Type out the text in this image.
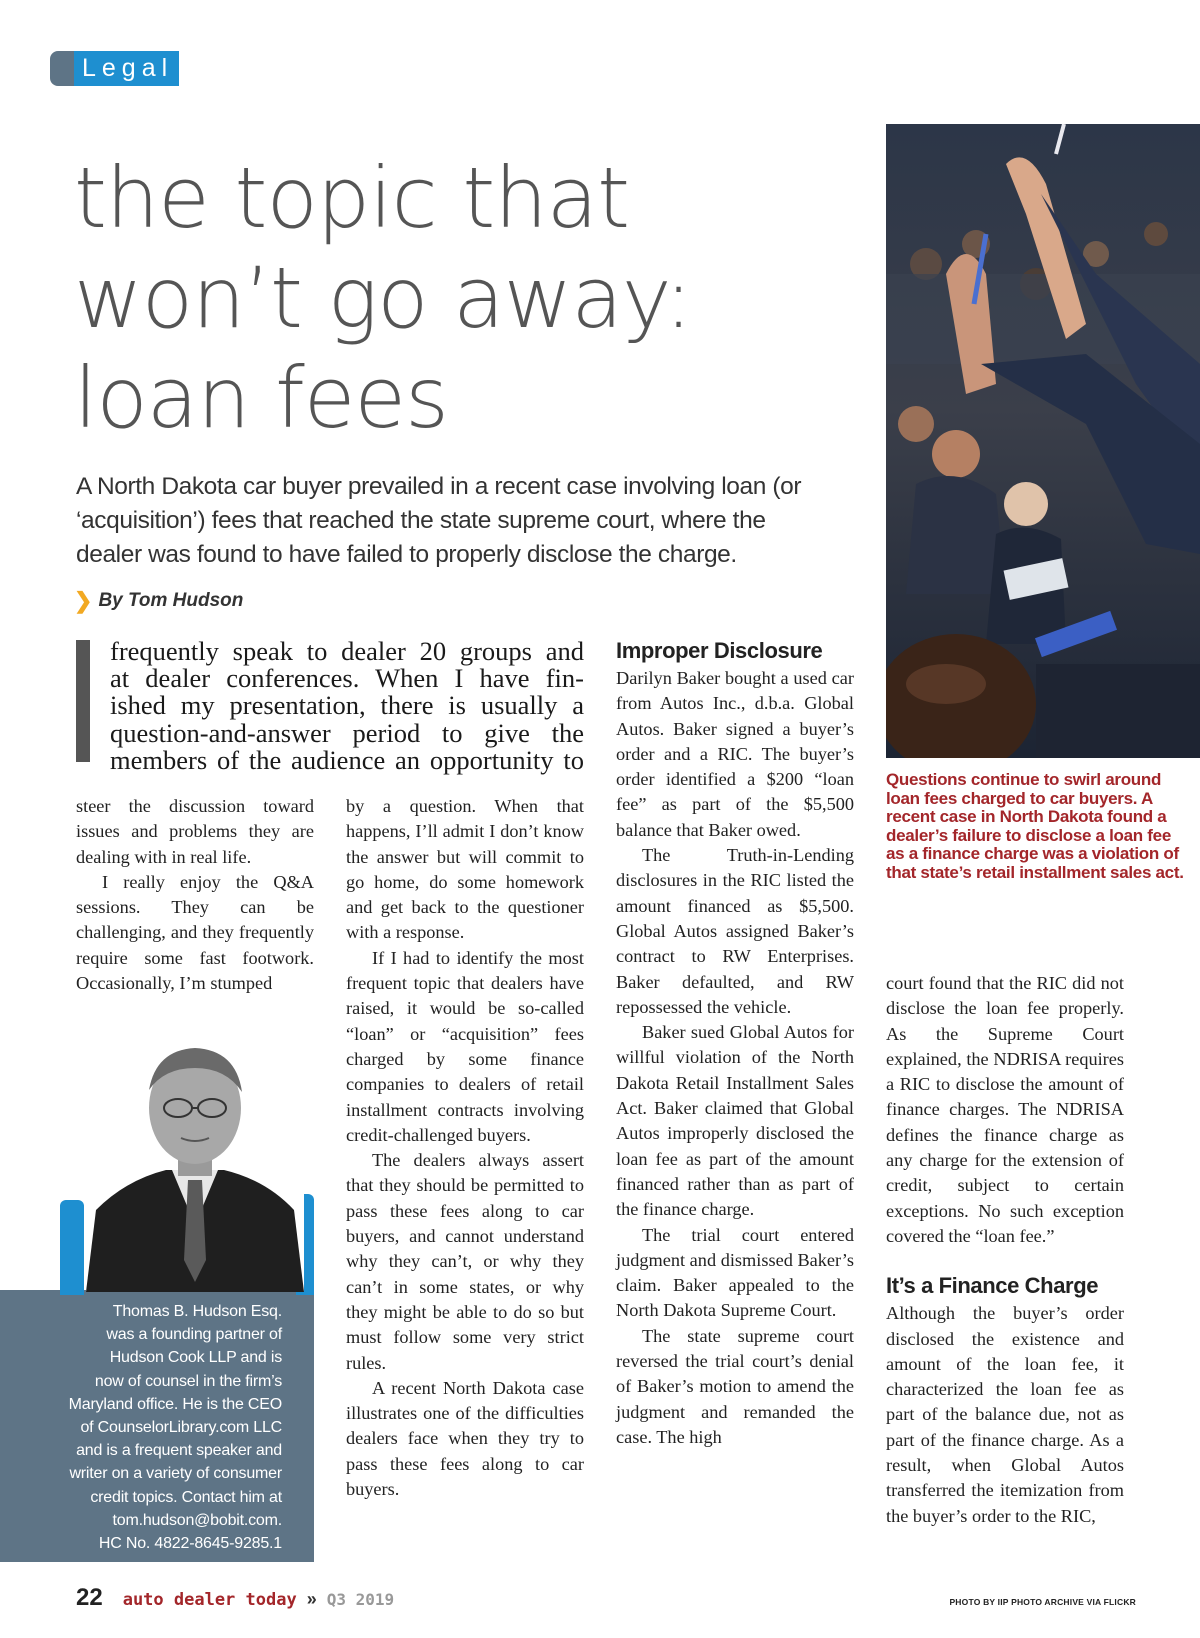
Legal
the topic that
won’t go away:
loan fees
A North Dakota car buyer prevailed in a recent case involving loan (or ‘acquisition’) fees that reached the state supreme court, where the dealer was found to have failed to properly disclose the charge.
❯ By Tom Hudson
Questions continue to swirl around loan fees charged to car buyers. A recent case in North Dakota found a dealer’s failure to disclose a loan fee as a finance charge was a violation of that state’s retail installment sales act.
frequently speak to dealer 20 groups and
at dealer conferences. When I have fin-
ished my presentation, there is usually a
question-and-answer period to give the
members of the audience an opportunity to

steer the discussion toward issues and problems they are dealing with in real life.

I really enjoy the Q&A sessions. They can be challenging, and they frequently require some fast footwork. Occasionally, I’m stumped

by a question. When that happens, I’ll admit I don’t know the answer but will commit to go home, do some homework and get back to the questioner with a response.

If I had to identify the most frequent topic that dealers have raised, it would be so-called “loan” or “acquisition” fees charged by some finance companies to dealers of retail installment contracts involving credit-challenged buyers.

The dealers always assert that they should be permitted to pass these fees along to car buyers, and cannot understand why they can’t, or why they can’t in some states, or why they might be able to do so but must follow some very strict rules.

A recent North Dakota case illustrates one of the difficulties dealers face when they try to pass these fees along to car buyers.

Improper Disclosure

Darilyn Baker bought a used car from Autos Inc., d.b.a. Global Autos. Baker signed a buyer’s order and a RIC. The buyer’s order identified a $200 “loan fee” as part of the $5,500 balance that Baker owed.

The Truth-in-Lending disclosures in the RIC listed the amount financed as $5,500. Global Autos assigned Baker’s contract to RW Enterprises. Baker defaulted, and RW repossessed the vehicle.

Baker sued Global Autos for willful violation of the North Dakota Retail Installment Sales Act. Baker claimed that Global Autos improperly disclosed the loan fee as part of the amount financed rather than as part of the finance charge.

The trial court entered judgment and dismissed Baker’s claim. Baker appealed to the North Dakota Supreme Court.

The state supreme court reversed the trial court’s denial of Baker’s motion to amend the judgment and remanded the case. The high

court found that the RIC did not disclose the loan fee properly. As the Supreme Court explained, the NDRISA requires a RIC to disclose the amount of finance charges. The NDRISA defines the finance charge as any charge for the extension of credit, subject to certain exceptions. No such exception covered the “loan fee.”

It’s a Finance Charge

Although the buyer’s order disclosed the existence and amount of the loan fee, it characterized the loan fee as part of the balance due, not as part of the finance charge. As a result, when Global Autos transferred the itemization from the buyer’s order to the RIC,

Thomas B. Hudson Esq.
was a founding partner of
Hudson Cook LLP and is
now of counsel in the firm’s
Maryland office. He is the CEO
of CounselorLibrary.com LLC
and is a frequent speaker and
writer on a variety of consumer
credit topics. Contact him at
tom.hudson@bobit.com.
HC No. 4822-8645-9285.1
22 auto dealer today » Q3 2019	PHOTO BY IIP PHOTO ARCHIVE VIA FLICKR
